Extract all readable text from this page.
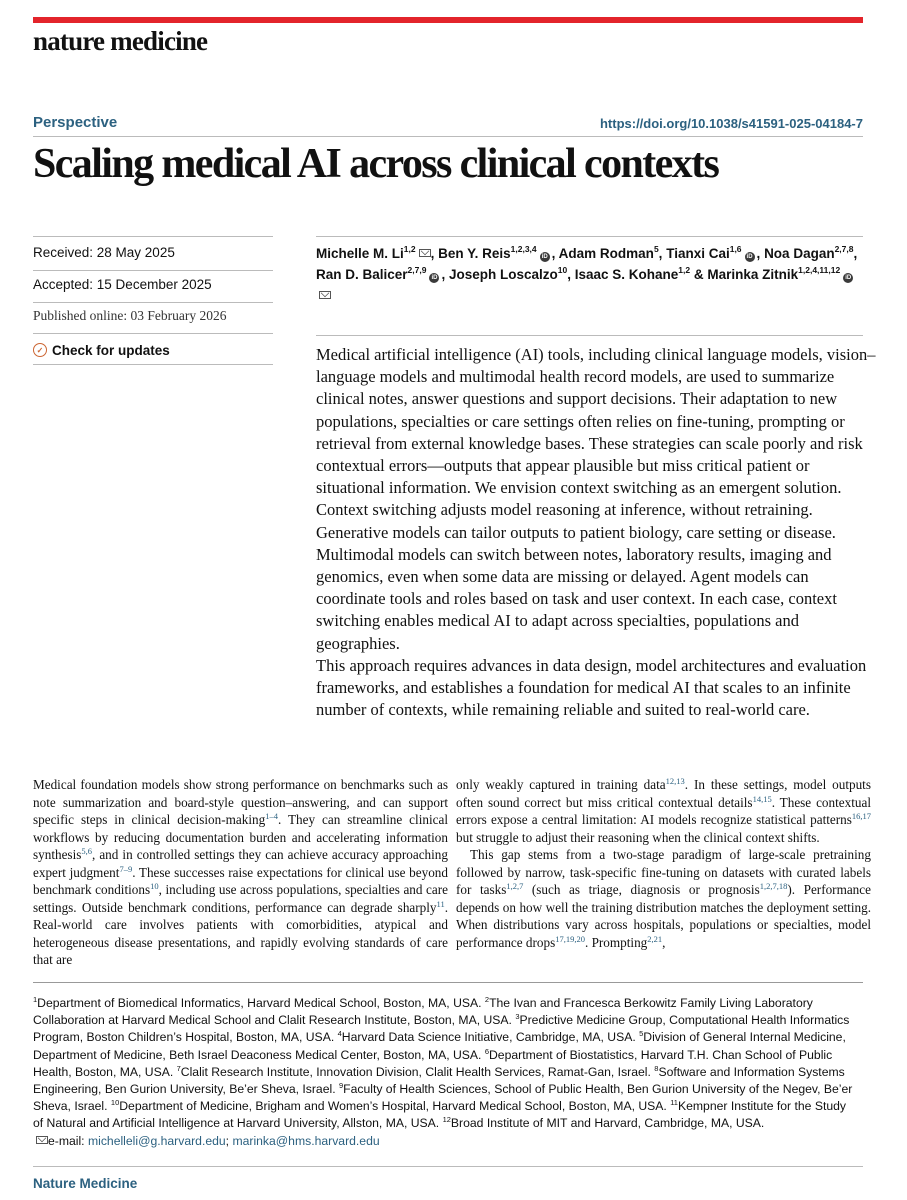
nature medicine
Perspective	https://doi.org/10.1038/s41591-025-04184-7
Scaling medical AI across clinical contexts
Received: 28 May 2025
Accepted: 15 December 2025
Published online: 03 February 2026
✓ Check for updates
Michelle M. Li$^{1,2}$ , Ben Y. Reis$^{1,2,3,4}$iD , Adam Rodman$^5$, Tianxi Cai$^{1,6}$iD , Noa Dagan$^{2,7,8}$, Ran D. Balicer$^{2,7,9}$iD , Joseph Loscalzo$^{10}$, Isaac S. Kohane$^{1,2}$ & Marinka Zitnik$^{1,2,4,11,12}$iD

Medical artificial intelligence (AI) tools, including clinical language models, vision–language models and multimodal health record models, are used to summarize clinical notes, answer questions and support decisions. Their adaptation to new populations, specialties or care settings often relies on fine-tuning, prompting or retrieval from external knowledge bases. These strategies can scale poorly and risk contextual errors—outputs that appear plausible but miss critical patient or situational information. We envision context switching as an emergent solution. Context switching adjusts model reasoning at inference, without retraining. Generative models can tailor outputs to patient biology, care setting or disease. Multimodal models can switch between notes, laboratory results, imaging and genomics, even when some data are missing or delayed. Agent models can coordinate tools and roles based on task and user context. In each case, context switching enables medical AI to adapt across specialties, populations and geographies.

This approach requires advances in data design, model architectures and evaluation frameworks, and establishes a foundation for medical AI that scales to an infinite number of contexts, while remaining reliable and suited to real-world care.

Medical foundation models show strong performance on benchmarks such as note summarization and board-style question–answering, and can support specific steps in clinical decision-making$^{1-4}$. They can streamline clinical workflows by reducing documentation burden and accelerating information synthesis$^{5,6}$, and in controlled settings they can achieve accuracy approaching expert judgment$^{7-9}$. These successes raise expectations for clinical use beyond benchmark conditions$^{10}$, including use across populations, specialties and care settings. Outside benchmark conditions, performance can degrade sharply$^{11}$. Real-world care involves patients with comorbidities, atypical and heterogeneous disease presentations, and rapidly evolving standards of care that are

only weakly captured in training data$^{12,13}$. In these settings, model outputs often sound correct but miss critical contextual details$^{14,15}$. These contextual errors expose a central limitation: AI models recognize statistical patterns$^{16,17}$ but struggle to adjust their reasoning when the clinical context shifts.

This gap stems from a two-stage paradigm of large-scale pretraining followed by narrow, task-specific fine-tuning on datasets with curated labels for tasks$^{1,2,7}$ (such as triage, diagnosis or prognosis$^{1,2,7,18}$). Performance depends on how well the training distribution matches the deployment setting. When distributions vary across hospitals, populations or specialties, model performance drops$^{17,19,20}$. Prompting$^{2,21}$,

$^1$Department of Biomedical Informatics, Harvard Medical School, Boston, MA, USA. $^2$The Ivan and Francesca Berkowitz Family Living Laboratory Collaboration at Harvard Medical School and Clalit Research Institute, Boston, MA, USA. $^3$Predictive Medicine Group, Computational Health Informatics Program, Boston Children’s Hospital, Boston, MA, USA. $^4$Harvard Data Science Initiative, Cambridge, MA, USA. $^5$Division of General Internal Medicine, Department of Medicine, Beth Israel Deaconess Medical Center, Boston, MA, USA. $^6$Department of Biostatistics, Harvard T.H. Chan School of Public Health, Boston, MA, USA. $^7$Clalit Research Institute, Innovation Division, Clalit Health Services, Ramat-Gan, Israel. $^8$Software and Information Systems Engineering, Ben Gurion University, Be’er Sheva, Israel. $^9$Faculty of Health Sciences, School of Public Health, Ben Gurion University of the Negev, Be’er Sheva, Israel. $^{10}$Department of Medicine, Brigham and Women’s Hospital, Harvard Medical School, Boston, MA, USA. $^{11}$Kempner Institute for the Study of Natural and Artificial Intelligence at Harvard University, Allston, MA, USA. $^{12}$Broad Institute of MIT and Harvard, Cambridge, MA, USA.
e-mail: michelleli@g.harvard.edu; marinka@hms.harvard.edu
Nature Medicine
